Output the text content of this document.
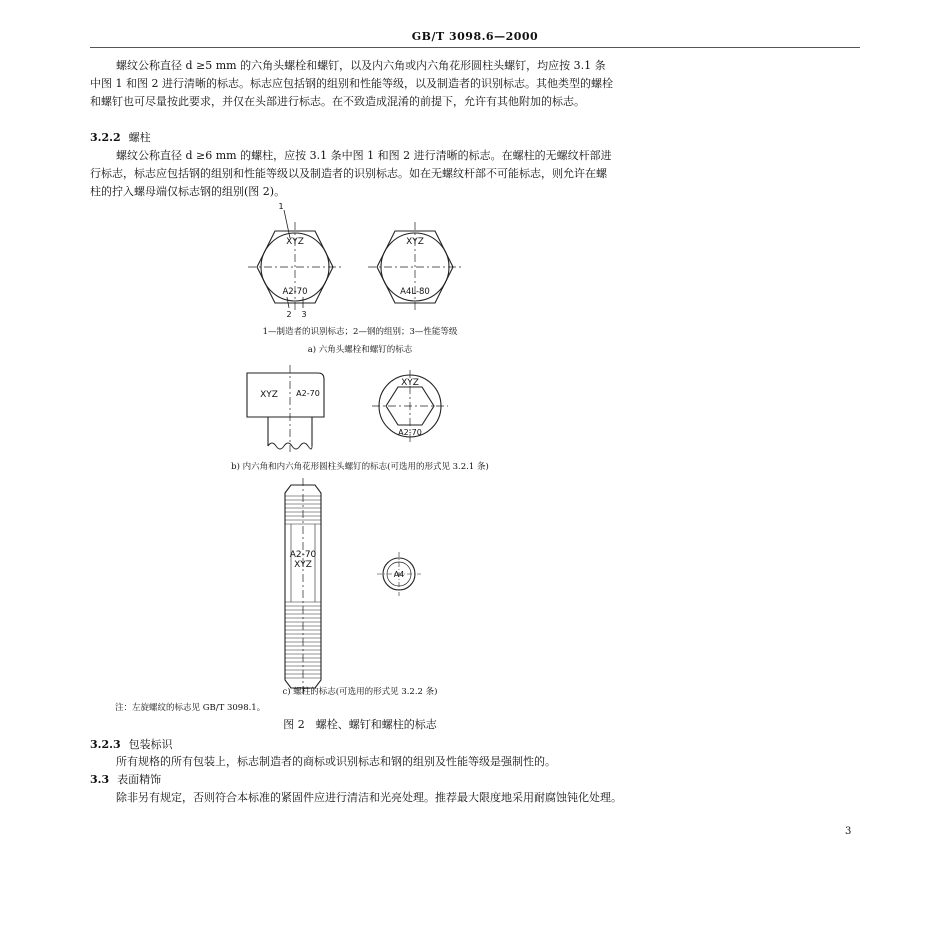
GB/T 3098.6—2000
螺纹公称直径 d ≥5 mm 的六角头螺栓和螺钉，以及内六角或内六角花形圆柱头螺钉，均应按 3.1 条中图 1 和图 2 进行清晰的标志。标志应包括钢的组别和性能等级，以及制造者的识别标志。其他类型的螺栓和螺钉也可尽量按此要求，并仅在头部进行标志。在不致造成混淆的前提下，允许有其他附加的标志。
3.2.2 螺柱
螺纹公称直径 d ≥6 mm 的螺柱，应按 3.1 条中图 1 和图 2 进行清晰的标志。在螺柱的无螺纹杆部进行标志，标志应包括钢的组别和性能等级以及制造者的识别标志。如在无螺纹杆部不可能标志，则允许在螺柱的拧入螺母端仅标志钢的组别(图 2)。
1
2 3
XYZ
A2-70
XYZ
A4L-80
XYZ A2-70
XYZ
A2-70
A2-70
XYZ
A4
1—制造者的识别标志；2—钢的组别；3—性能等级
a) 六角头螺栓和螺钉的标志
b) 内六角和内六角花形圆柱头螺钉的标志(可选用的形式见 3.2.1 条)
c) 螺柱的标志(可选用的形式见 3.2.2 条)
注：左旋螺纹的标志见 GB/T 3098.1。
图 2　螺栓、螺钉和螺柱的标志
3.2.3 包装标识
所有规格的所有包装上，标志制造者的商标或识别标志和钢的组别及性能等级是强制性的。
3.3 表面精饰
除非另有规定，否则符合本标准的紧固件应进行清洁和光亮处理。推荐最大限度地采用耐腐蚀钝化处理。
3
